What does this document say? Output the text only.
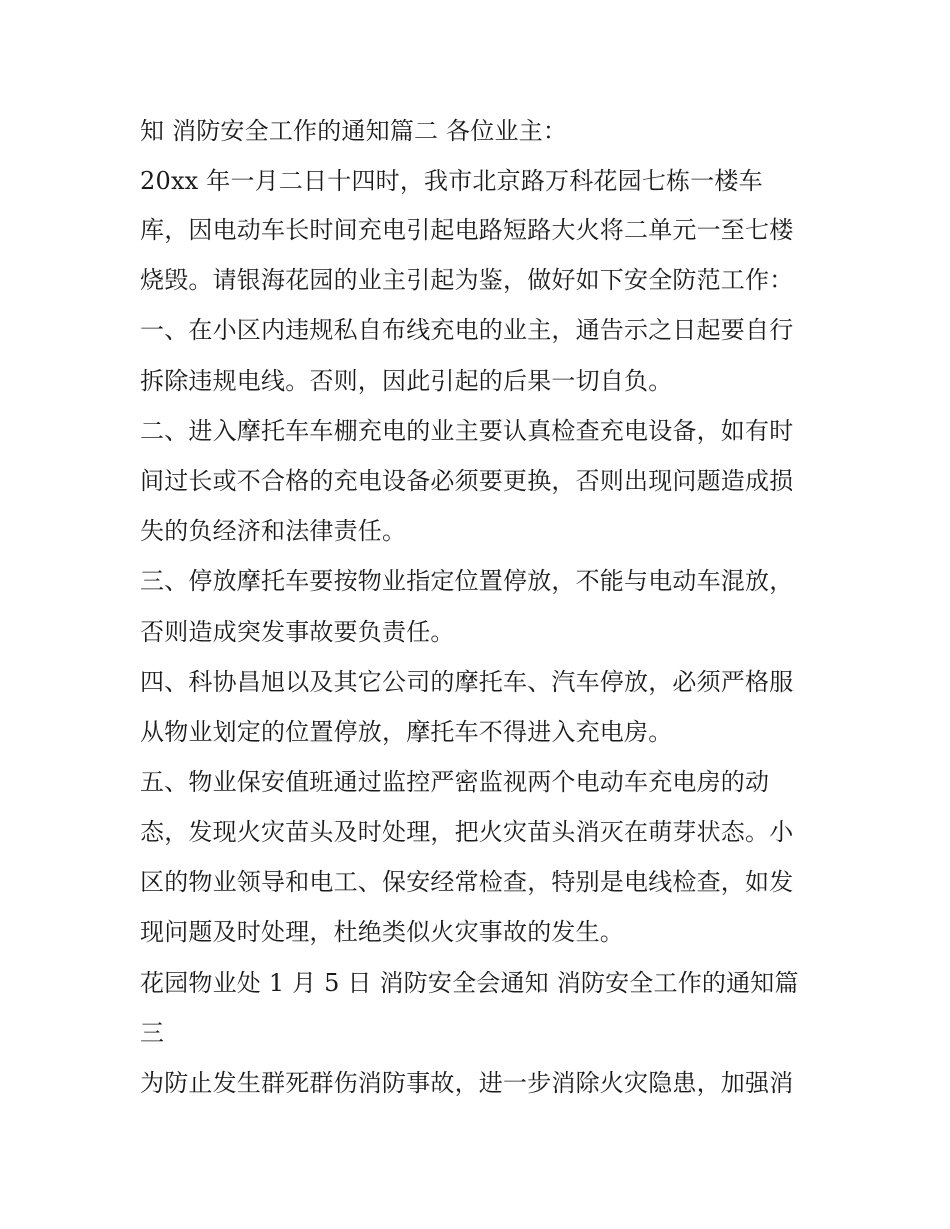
知 消防安全工作的通知篇二 各位业主：
20xx 年一月二日十四时，我市北京路万科花园七栋一楼车
库，因电动车长时间充电引起电路短路大火将二单元一至七楼
烧毁。请银海花园的业主引起为鉴，做好如下安全防范工作：
一、在小区内违规私自布线充电的业主，通告示之日起要自行
拆除违规电线。否则，因此引起的后果一切自负。
二、进入摩托车车棚充电的业主要认真检查充电设备，如有时
间过长或不合格的充电设备必须要更换，否则出现问题造成损
失的负经济和法律责任。
三、停放摩托车要按物业指定位置停放，不能与电动车混放，
否则造成突发事故要负责任。
四、科协昌旭以及其它公司的摩托车、汽车停放，必须严格服
从物业划定的位置停放，摩托车不得进入充电房。
五、物业保安值班通过监控严密监视两个电动车充电房的动
态，发现火灾苗头及时处理，把火灾苗头消灭在萌芽状态。小
区的物业领导和电工、保安经常检查，特别是电线检查，如发
现问题及时处理，杜绝类似火灾事故的发生。
花园物业处 1 月 5 日 消防安全会通知 消防安全工作的通知篇
三
为防止发生群死群伤消防事故，进一步消除火灾隐患，加强消
